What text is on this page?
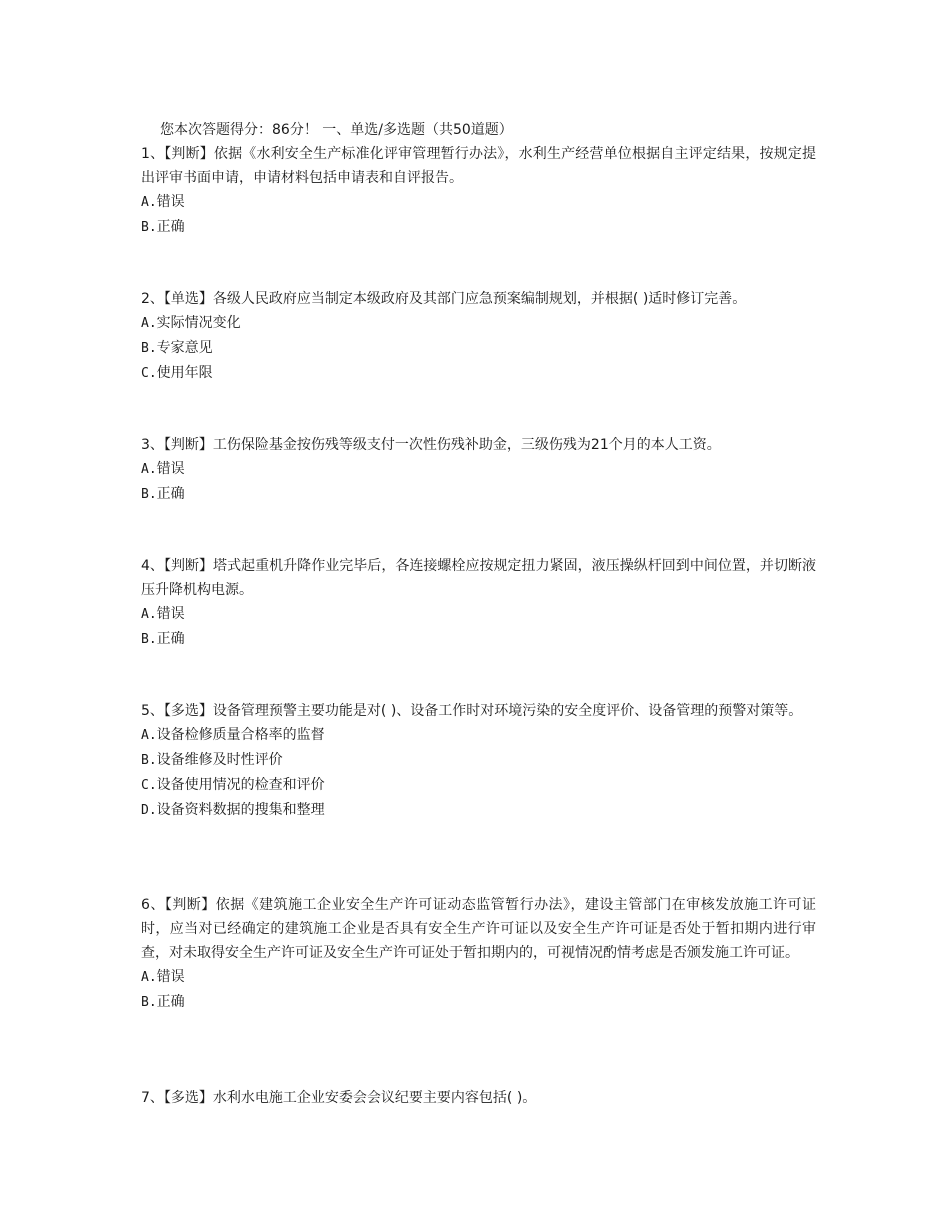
您本次答题得分：86分！ 一、单选/多选题（共50道题）

1、【判断】依据《水利安全生产标准化评审管理暂行办法》，水利生产经营单位根据自主评定结果，按规定提出评审书面申请，申请材料包括申请表和自评报告。

A.错误
B.正确

2、【单选】各级人民政府应当制定本级政府及其部门应急预案编制规划，并根据( )适时修订完善。

A.实际情况变化
B.专家意见
C.使用年限

3、【判断】工伤保险基金按伤残等级支付一次性伤残补助金，三级伤残为21个月的本人工资。

A.错误
B.正确

4、【判断】塔式起重机升降作业完毕后，各连接螺栓应按规定扭力紧固，液压操纵杆回到中间位置，并切断液压升降机构电源。

A.错误
B.正确

5、【多选】设备管理预警主要功能是对( )、设备工作时对环境污染的安全度评价、设备管理的预警对策等。

A.设备检修质量合格率的监督
B.设备维修及时性评价
C.设备使用情况的检查和评价
D.设备资料数据的搜集和整理

6、【判断】依据《建筑施工企业安全生产许可证动态监管暂行办法》，建设主管部门在审核发放施工许可证时，应当对已经确定的建筑施工企业是否具有安全生产许可证以及安全生产许可证是否处于暂扣期内进行审查，对未取得安全生产许可证及安全生产许可证处于暂扣期内的，可视情况酌情考虑是否颁发施工许可证。

A.错误
B.正确

7、【多选】水利水电施工企业安委会会议纪要主要内容包括( )。
